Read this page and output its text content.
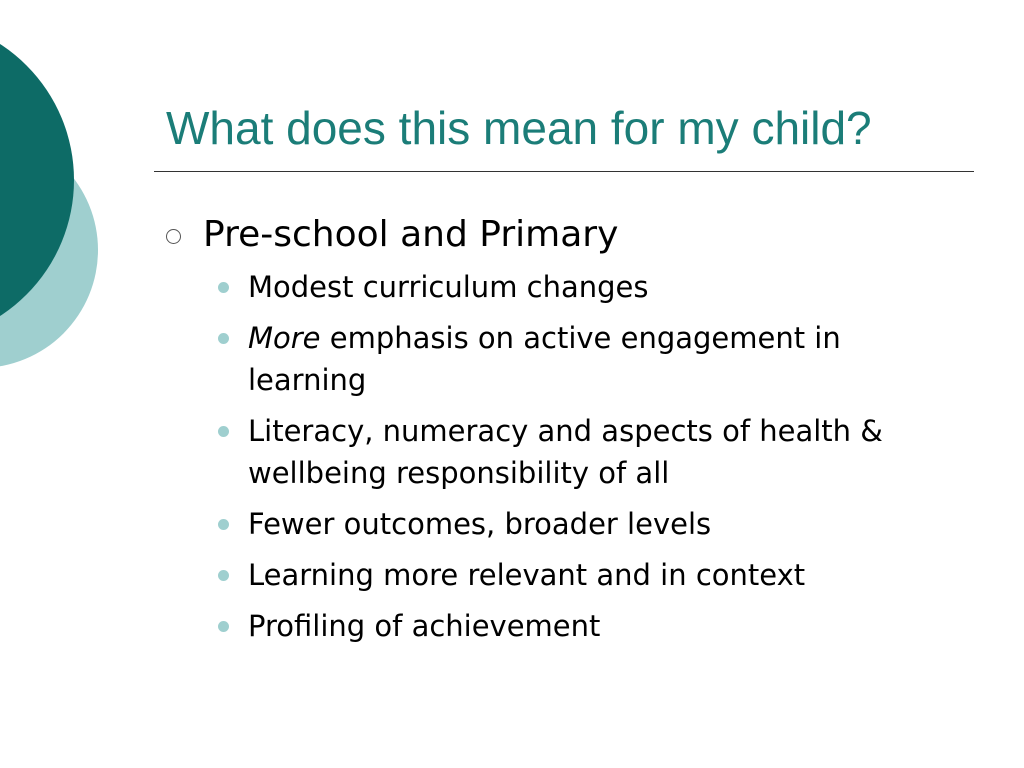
What does this mean for my child?
Pre-school and Primary
Modest curriculum changes
More emphasis on active engagement in learning
Literacy, numeracy and aspects of health & wellbeing responsibility of all
Fewer outcomes, broader levels
Learning more relevant and in context
Profiling of achievement
